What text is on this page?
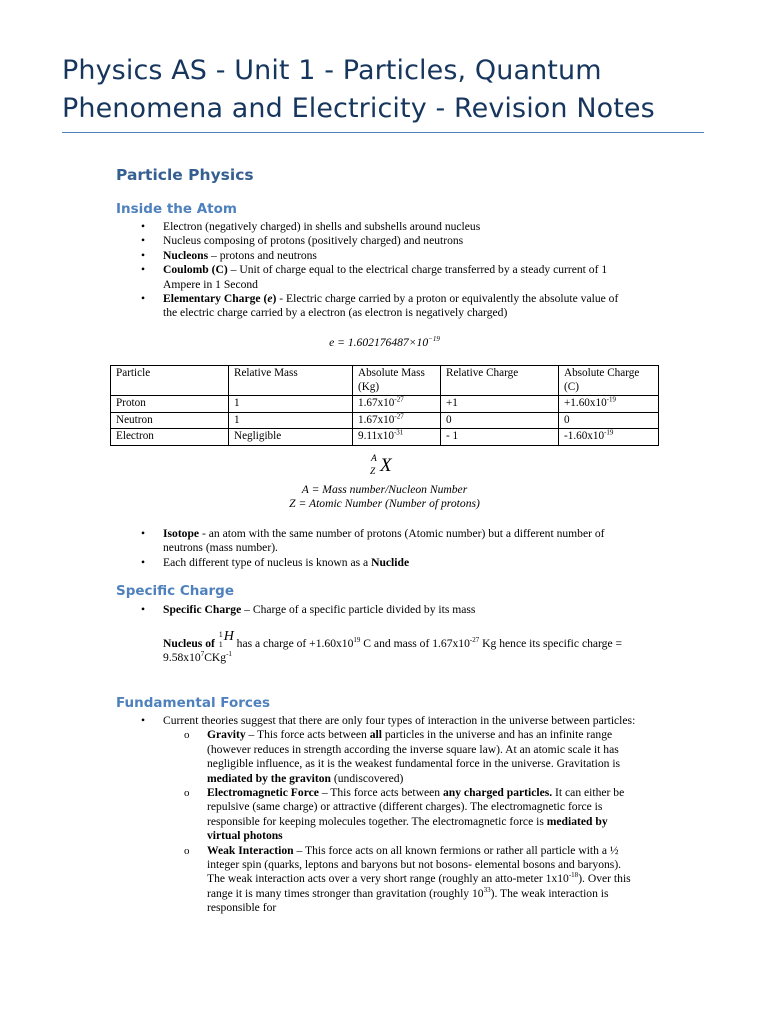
Physics AS - Unit 1 - Particles, Quantum Phenomena and Electricity - Revision Notes
Particle Physics
Inside the Atom
• Electron (negatively charged) in shells and subshells around nucleus
• Nucleus composing of protons (positively charged) and neutrons
• Nucleons – protons and neutrons
• Coulomb (C) – Unit of charge equal to the electrical charge transferred by a steady current of 1 Ampere in 1 Second
• Elementary Charge (e) - Electric charge carried by a proton or equivalently the absolute value of the electric charge carried by a electron (as electron is negatively charged)
$e = 1.602176487\times 10^{-19}$
Particle	Relative Mass	Absolute Mass (Kg)	Relative Charge	Absolute Charge (C)
Proton	1	$1.67x10^{-27}$	+1	$+1.60x10^{-19}$
Neutron	1	$1.67x10^{-27}$	0	0
Electron	Negligible	$9.11x10^{-31}$	- 1	$-1.60x10^{-19}$
A
Z X
A = Mass number/Nucleon Number
Z = Atomic Number (Number of protons)
• Isotope - an atom with the same number of protons (Atomic number) but a different number of neutrons (mass number).
• Each different type of nucleus is known as a Nuclide
Specific Charge
• Specific Charge – Charge of a specific particle divided by its mass
Nucleus of
1
1
H has a charge of $+1.60x10^{19}$ C and mass of $1.67x10^{-27}$ Kg hence its specific charge = $9.58x10^7CKg^{-1}$
Fundamental Forces
• Current theories suggest that there are only four types of interaction in the universe between particles:
o Gravity – This force acts between all particles in the universe and has an infinite range (however reduces in strength according the inverse square law). At an atomic scale it has negligible influence, as it is the weakest fundamental force in the universe. Gravitation is mediated by the graviton (undiscovered)
o Electromagnetic Force – This force acts between any charged particles. It can either be repulsive (same charge) or attractive (different charges). The electromagnetic force is responsible for keeping molecules together. The electromagnetic force is mediated by virtual photons
o Weak Interaction – This force acts on all known fermions or rather all particle with a ½ integer spin (quarks, leptons and baryons but not bosons- elemental bosons and baryons). The weak interaction acts over a very short range (roughly an atto-meter $1x10^{-18}$). Over this range it is many times stronger than gravitation (roughly $10^{33}$). The weak interaction is responsible for
